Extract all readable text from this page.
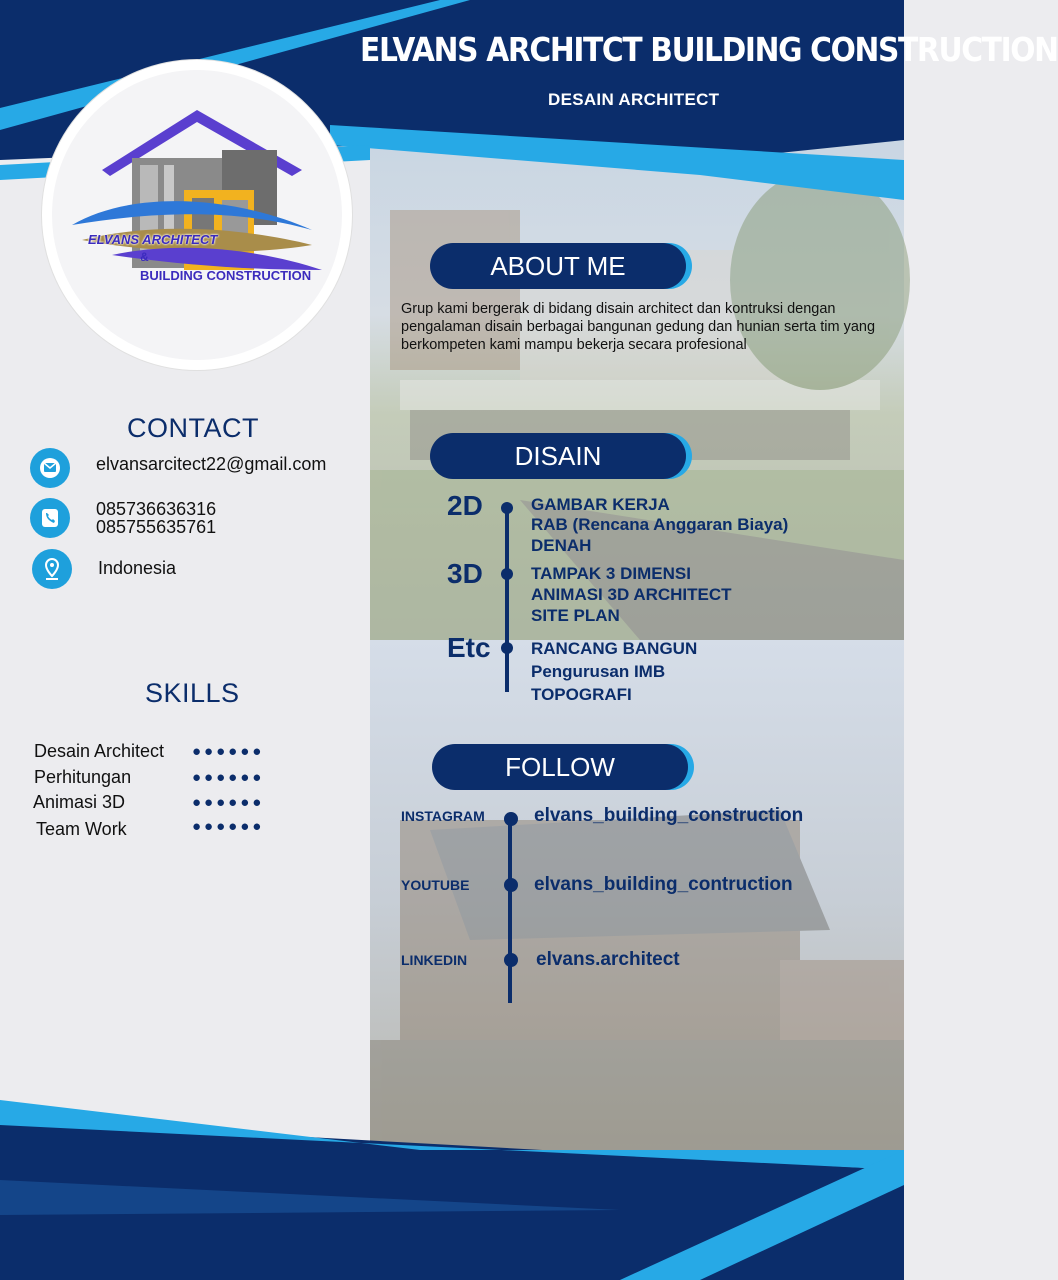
ELVANS ARCHITCT BUILDING CONSTRUCTION
DESAIN ARCHITECT
ELVANS ARCHITECT
&
BUILDING CONSTRUCTION
CONTACT
elvansarcitect22@gmail.com
085736636316
085755635761
Indonesia
SKILLS
Desain Architect ●●●●●●
Perhitungan	●●●●●●
Animasi 3D	●●●●●●
Team Work	●●●●●●
ABOUT ME
Grup kami bergerak di bidang disain architect dan kontruksi dengan pengalaman disain berbagai bangunan gedung dan hunian serta tim yang berkompeten kami mampu bekerja secara profesional
DISAIN
2D	GAMBAR KERJA
RAB (Rencana Anggaran Biaya)
DENAH
3D	TAMPAK 3 DIMENSI
ANIMASI 3D ARCHITECT
SITE PLAN
Etc RANCANG BANGUN
Pengurusan IMB
TOPOGRAFI
FOLLOW
INSTAGRAM	elvans_building_construction
YOUTUBE	elvans_building_contruction
LINKEDIN	elvans.architect
